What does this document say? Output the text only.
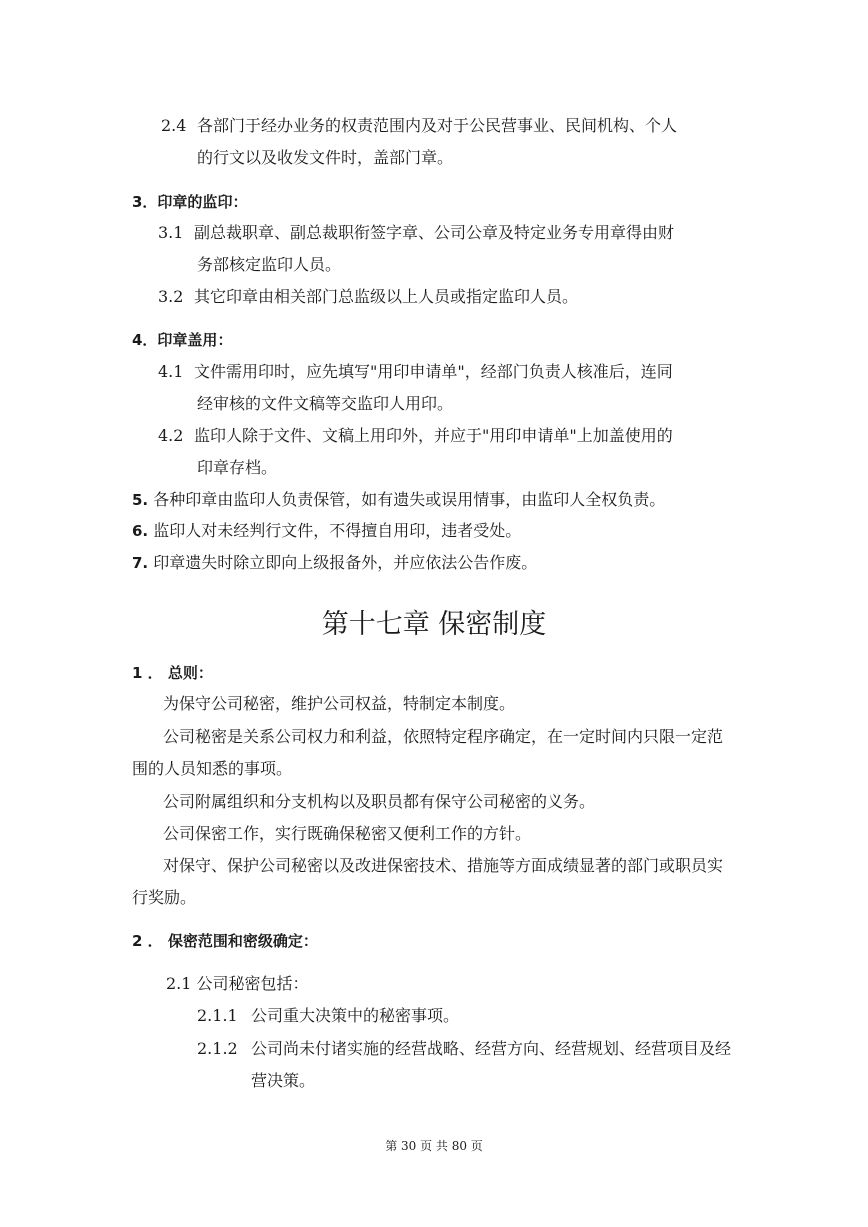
2.4 各部门于经办业务的权责范围内及对于公民营事业、民间机构、个人
的行文以及收发文件时，盖部门章。
3．印章的监印：
3.1 副总裁职章、副总裁职衔签字章、公司公章及特定业务专用章得由财
务部核定监印人员。
3.2 其它印章由相关部门总监级以上人员或指定监印人员。
4．印章盖用：
4.1 文件需用印时，应先填写"用印申请单"，经部门负责人核准后，连同
经审核的文件文稿等交监印人用印。
4.2 监印人除于文件、文稿上用印外，并应于"用印申请单"上加盖使用的
印章存档。
5. 各种印章由监印人负责保管，如有遗失或误用情事，由监印人全权负责。
6. 监印人对未经判行文件，不得擅自用印，违者受处。
7. 印章遗失时除立即向上级报备外，并应依法公告作废。
第十七章 保密制度
1 ． 总则：
为保守公司秘密，维护公司权益，特制定本制度。
公司秘密是关系公司权力和利益，依照特定程序确定，在一定时间内只限一定范
围的人员知悉的事项。
公司附属组织和分支机构以及职员都有保守公司秘密的义务。
公司保密工作，实行既确保秘密又便利工作的方针。
对保守、保护公司秘密以及改进保密技术、措施等方面成绩显著的部门或职员实
行奖励。
2 ． 保密范围和密级确定：
2.1 公司秘密包括：
2.1.1 公司重大决策中的秘密事项。
2.1.2 公司尚未付诸实施的经营战略、经营方向、经营规划、经营项目及经
营决策。
第 30 页 共 80 页
